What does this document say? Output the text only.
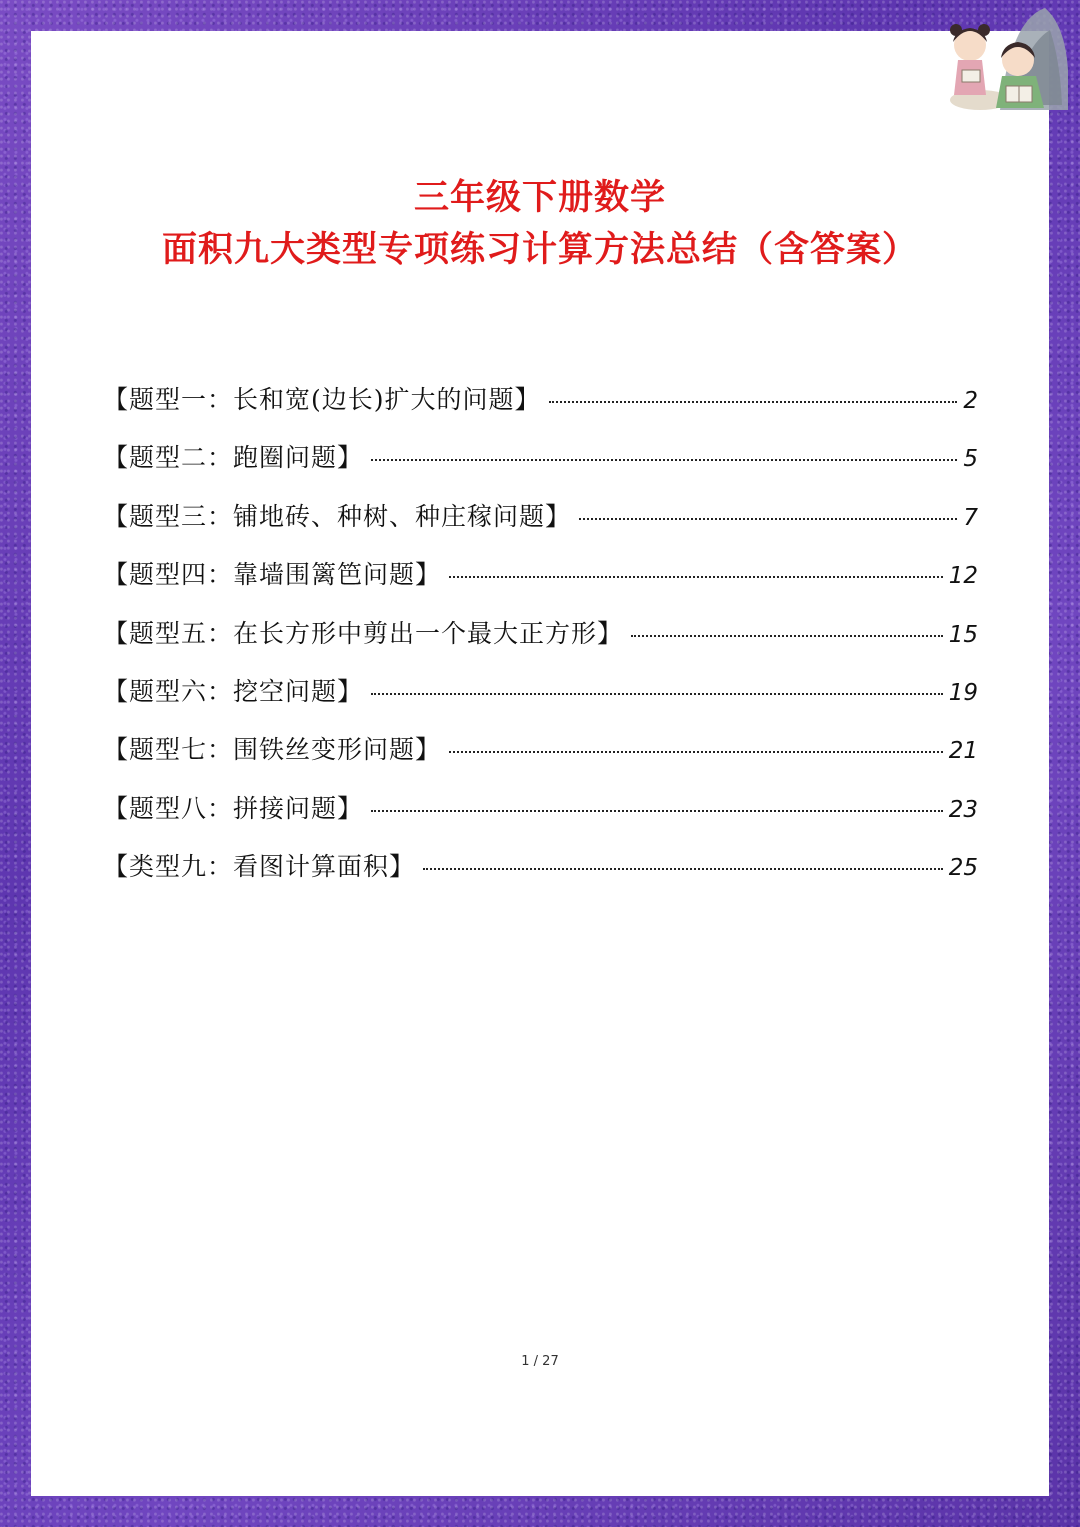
三年级下册数学
面积九大类型专项练习计算方法总结（含答案）
【题型一：长和宽(边长)扩大的问题】	2
【题型二：跑圈问题】	5
【题型三：铺地砖、种树、种庄稼问题】	7
【题型四：靠墙围篱笆问题】	12
【题型五：在长方形中剪出一个最大正方形】	15
【题型六：挖空问题】	19
【题型七：围铁丝变形问题】	21
【题型八：拼接问题】	23
【类型九：看图计算面积】	25
1 / 27
